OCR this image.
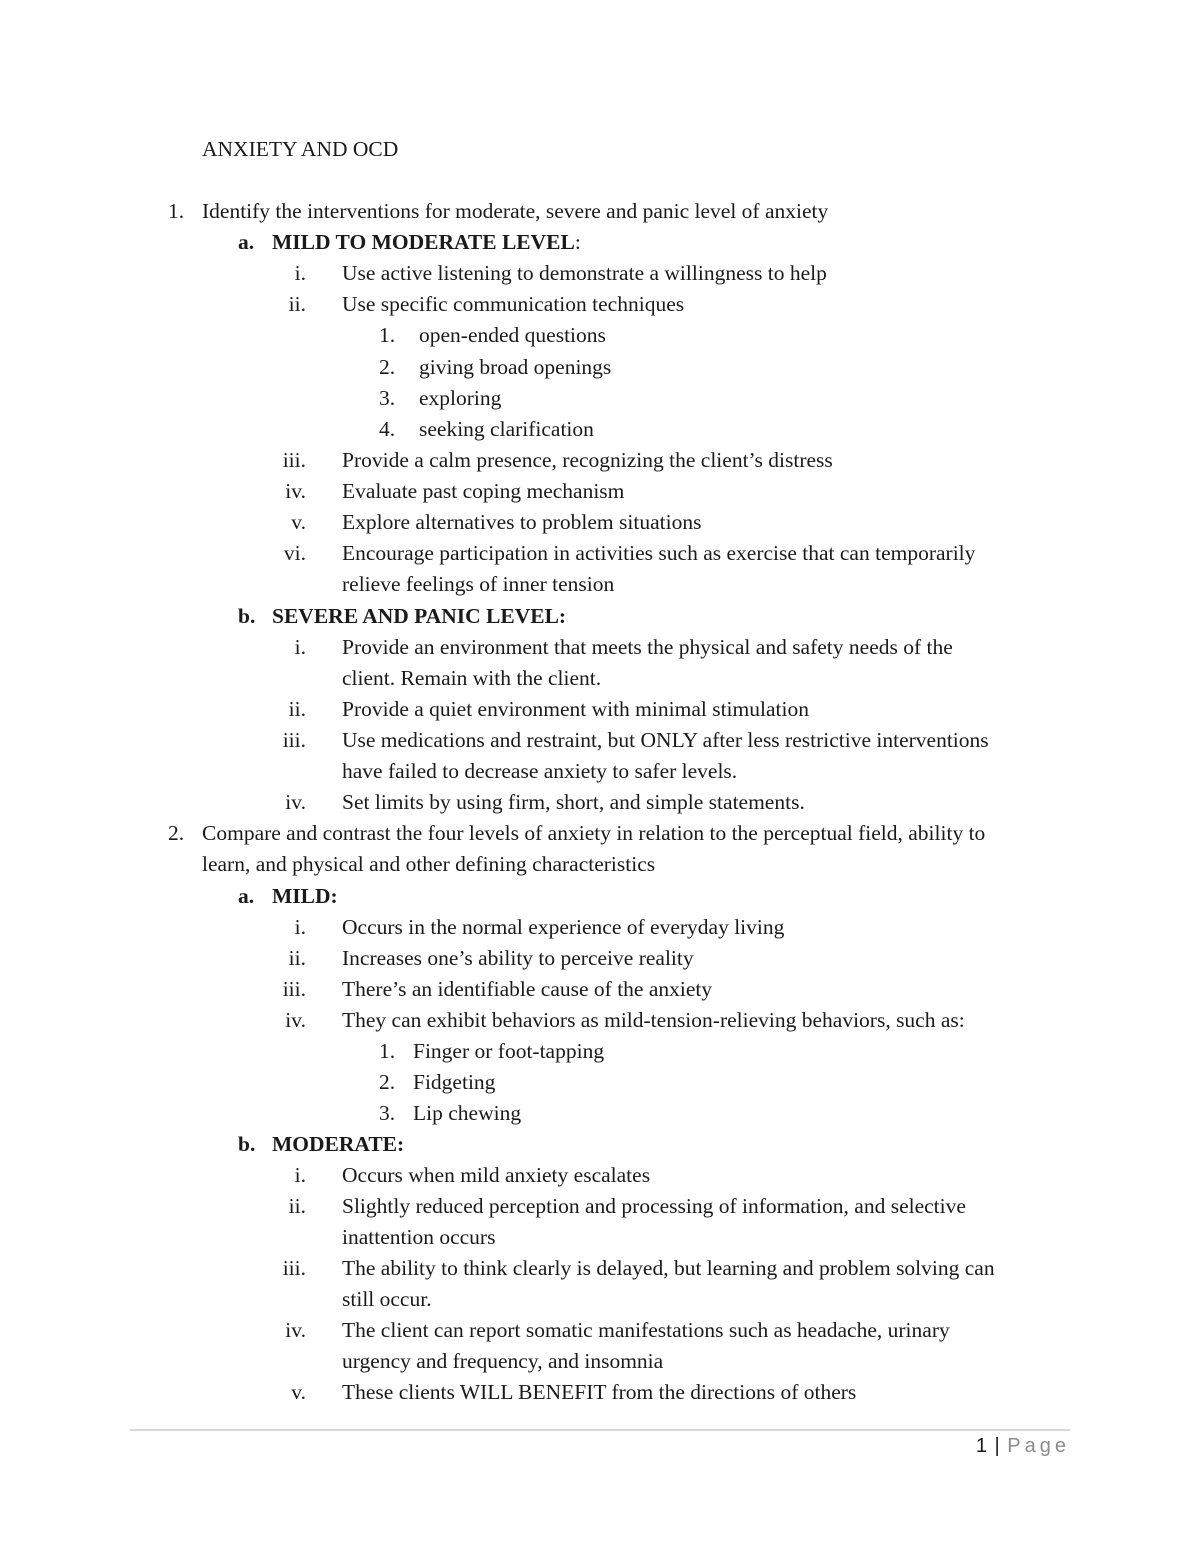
ANXIETY AND OCD
1. Identify the interventions for moderate, severe and panic level of anxiety
a. MILD TO MODERATE LEVEL:
i. Use active listening to demonstrate a willingness to help
ii. Use specific communication techniques
1. open-ended questions
2. giving broad openings
3. exploring
4. seeking clarification
iii. Provide a calm presence, recognizing the client’s distress
iv. Evaluate past coping mechanism
v. Explore alternatives to problem situations
vi. Encourage participation in activities such as exercise that can temporarily
relieve feelings of inner tension
b. SEVERE AND PANIC LEVEL:
i. Provide an environment that meets the physical and safety needs of the
client. Remain with the client.
ii. Provide a quiet environment with minimal stimulation
iii. Use medications and restraint, but ONLY after less restrictive interventions
have failed to decrease anxiety to safer levels.
iv. Set limits by using firm, short, and simple statements.
2. Compare and contrast the four levels of anxiety in relation to the perceptual field, ability to
learn, and physical and other defining characteristics
a. MILD:
i. Occurs in the normal experience of everyday living
ii. Increases one’s ability to perceive reality
iii. There’s an identifiable cause of the anxiety
iv. They can exhibit behaviors as mild-tension-relieving behaviors, such as:
1. Finger or foot-tapping
2. Fidgeting
3. Lip chewing
b. MODERATE:
i. Occurs when mild anxiety escalates
ii. Slightly reduced perception and processing of information, and selective
inattention occurs
iii. The ability to think clearly is delayed, but learning and problem solving can
still occur.
iv. The client can report somatic manifestations such as headache, urinary
urgency and frequency, and insomnia
v. These clients WILL BENEFIT from the directions of others
1 | Page
